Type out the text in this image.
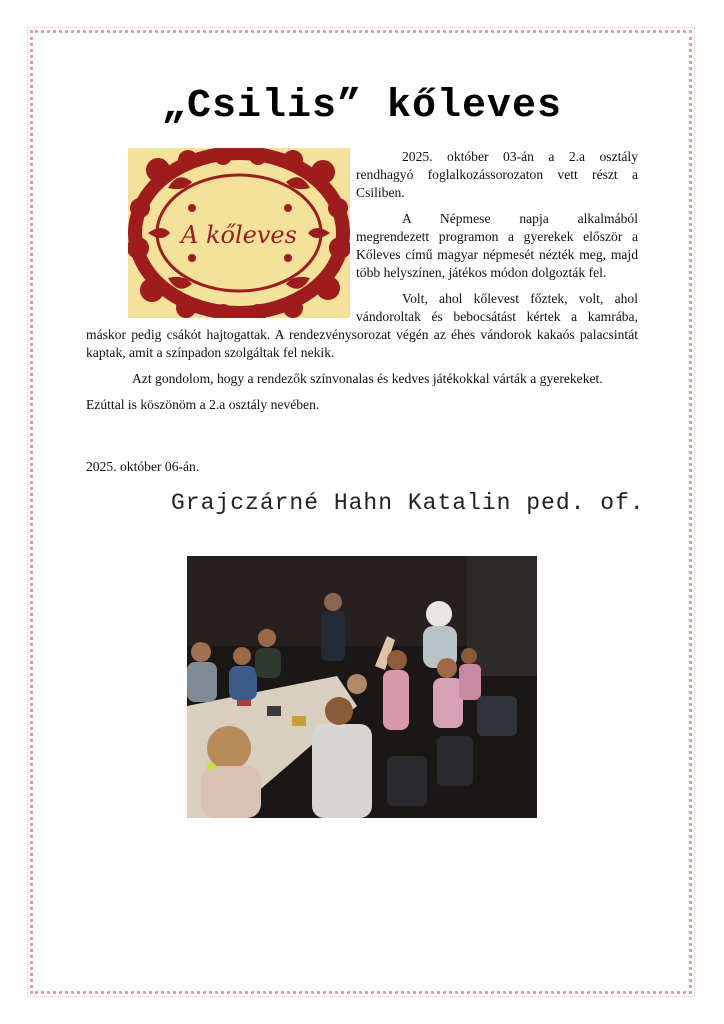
„Csilis” kőleves
A kőleves

2025. október 03-án a 2.a osztály rendhagyó foglalkozássorozaton vett részt a Csiliben.

A Népmese napja alkalmából megrendezett programon a gyerekek először a Kőleves című magyar népmesét nézték meg, majd több helyszínen, játékos módon dolgozták fel.

Volt, ahol kőlevest főztek, volt, ahol vándoroltak és bebocsátást kértek a kamrába, máskor pedig csákót hajtogattak. A rendezvénysorozat végén az éhes vándorok kakaós palacsintát kaptak, amit a színpadon szolgáltak fel nekik.

Azt gondolom, hogy a rendezők színvonalas és kedves játékokkal várták a gyerekeket.

Ezúttal is köszönöm a 2.a osztály nevében.

2025. október 06-án.
Grajczárné Hahn Katalin ped. of.
